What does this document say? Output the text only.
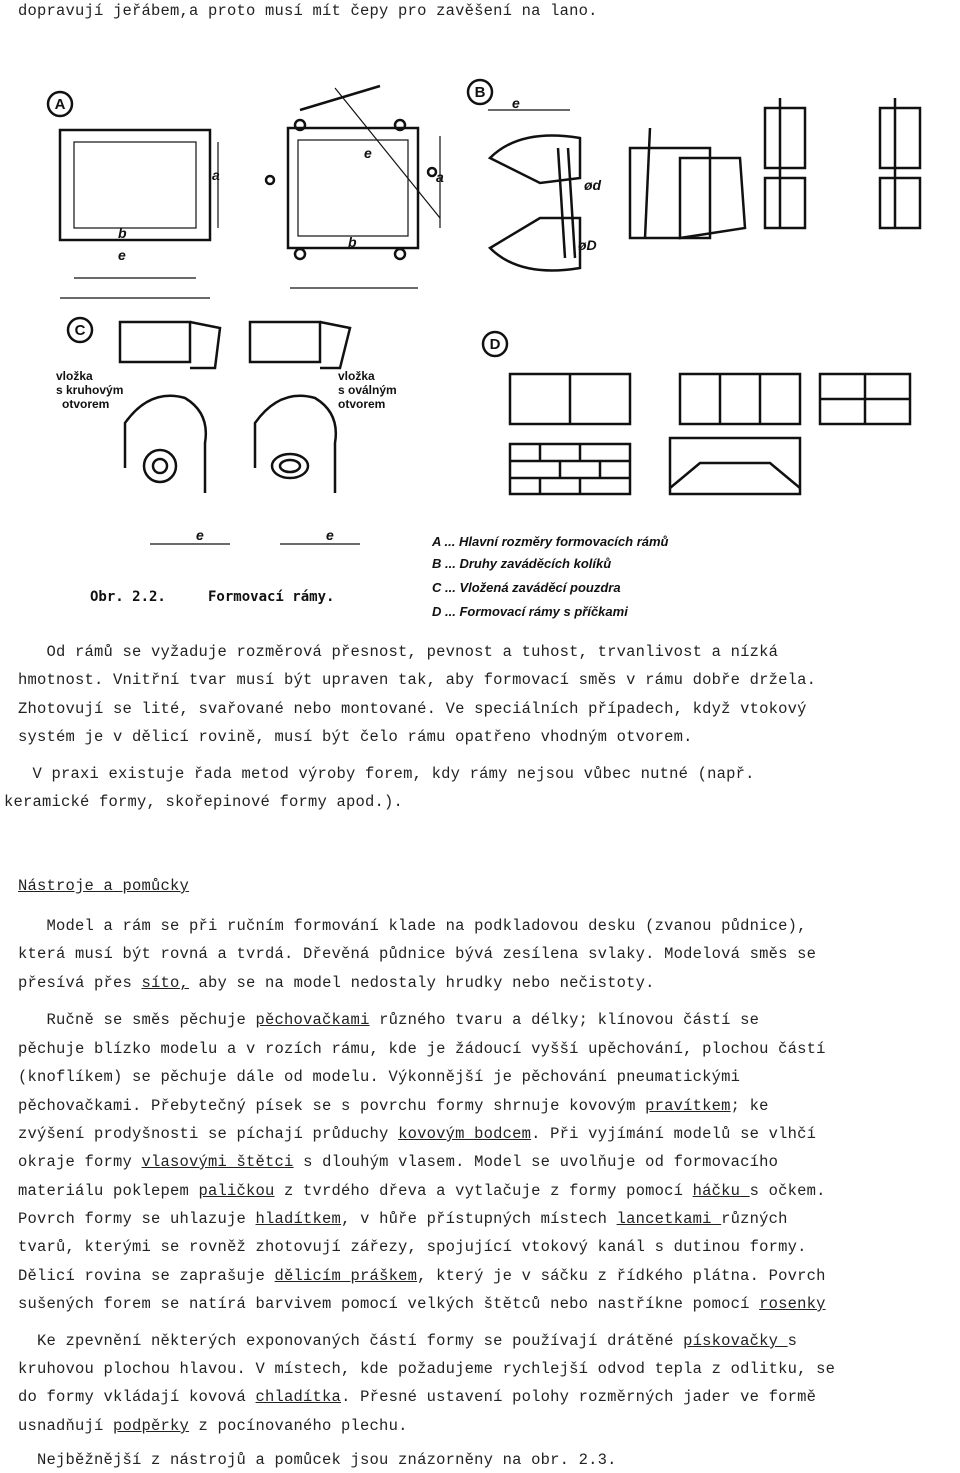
dopravují jeřábem,a proto musí mít čepy pro zavěšení na lano.
A
B
C
D
a	a
b
b
e
e
e
e	e
ød
øD
vložka
s kruhovým
otvorem
vložka
s oválným
otvorem
Obr. 2.2.	Formovací rámy.
A ... Hlavní rozměry formovacích rámů
B ... Druhy zaváděcích kolíků
C ... Vložená zaváděcí pouzdra
D ... Formovací rámy s příčkami
Od rámů se vyžaduje rozměrová přesnost, pevnost a tuhost, trvanlivost a nízká
hmotnost. Vnitřní tvar musí být upraven tak, aby formovací směs v rámu dobře držela.
Zhotovují se lité, svařované nebo montované. Ve speciálních případech, když vtokový
systém je v dělicí rovině, musí být čelo rámu opatřeno vhodným otvorem.
V praxi existuje řada metod výroby forem, kdy rámy nejsou vůbec nutné (např.
keramické formy, skořepinové formy apod.).
Nástroje a pomůcky
Model a rám se při ručním formování klade na podkladovou desku (zvanou půdnice),
která musí být rovná a tvrdá. Dřevěná půdnice bývá zesílena svlaky. Modelová směs se
přesívá přes síto, aby se na model nedostaly hrudky nebo nečistoty.
Ručně se směs pěchuje pěchovačkami různého tvaru a délky; klínovou částí se
pěchuje blízko modelu a v rozích rámu, kde je žádoucí vyšší upěchování, plochou částí
(knoflíkem) se pěchuje dále od modelu. Výkonnější je pěchování pneumatickými
pěchovačkami. Přebytečný písek se s povrchu formy shrnuje kovovým pravítkem; ke
zvýšení prodyšnosti se píchají průduchy kovovým bodcem. Při vyjímání modelů se vlhčí
okraje formy vlasovými štětci s dlouhým vlasem. Model se uvolňuje od formovacího
materiálu poklepem paličkou z tvrdého dřeva a vytlačuje z formy pomocí háčku s očkem.
Povrch formy se uhlazuje hladítkem, v hůře přístupných místech lancetkami různých
tvarů, kterými se rovněž zhotovují zářezy, spojující vtokový kanál s dutinou formy.
Dělicí rovina se zaprašuje dělicím práškem, který je v sáčku z řídkého plátna. Povrch
sušených forem se natírá barvivem pomocí velkých štětců nebo nastříkne pomocí rosenky
Ke zpevnění některých exponovaných částí formy se používají drátěné pískovačky s
kruhovou plochou hlavou. V místech, kde požadujeme rychlejší odvod tepla z odlitku, se
do formy vkládají kovová chladítka. Přesné ustavení polohy rozměrných jader ve formě
usnadňují podpěrky z pocínovaného plechu.
Nejběžnější z nástrojů a pomůcek jsou znázorněny na obr. 2.3.
